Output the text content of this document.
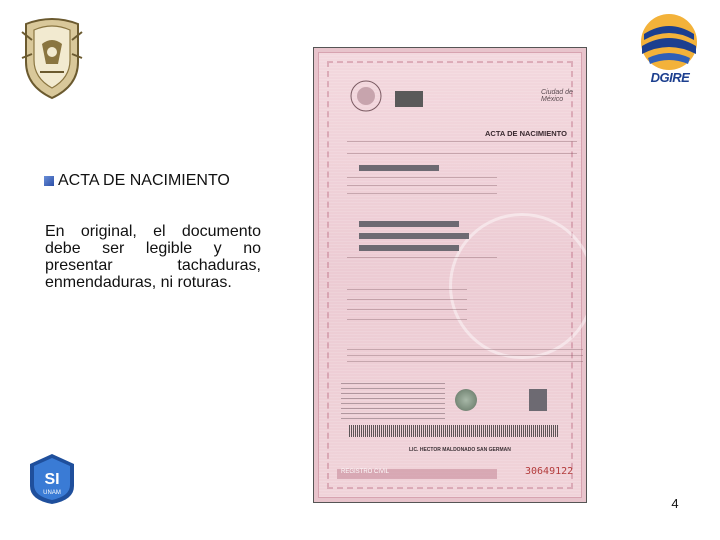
DGIRE
SI
UNAM
ACTA DE NACIMIENTO
En original, el documento debe ser legible y no presentar tachaduras, enmendaduras, ni roturas.
Ciudad de México
ACTA DE NACIMIENTO
LIC. HECTOR MALDONADO SAN GERMAN
REGISTRO CIVIL	30649122
4
